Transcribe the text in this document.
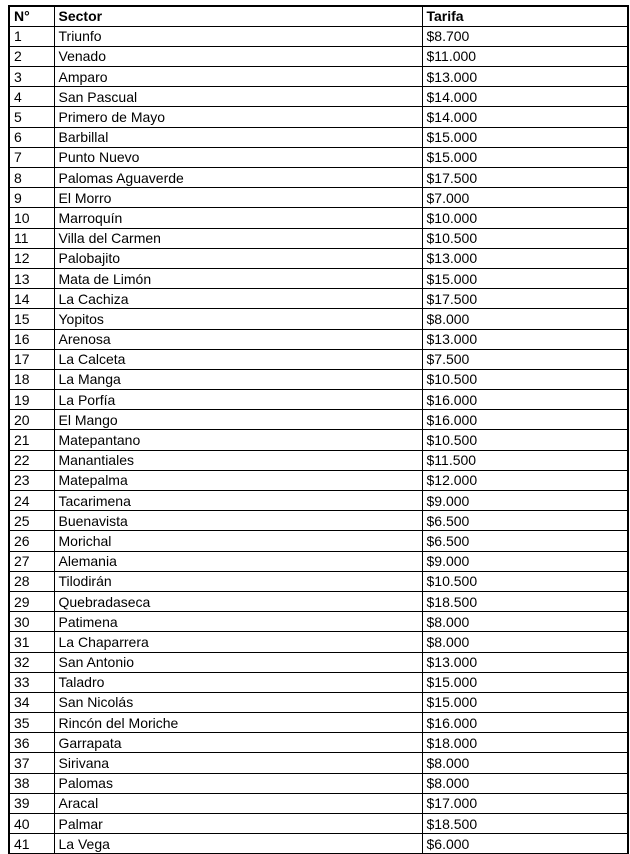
N°	Sector	Tarifa
1	Triunfo	$8.700
2	Venado	$11.000
3	Amparo	$13.000
4	San Pascual	$14.000
5	Primero de Mayo	$14.000
6	Barbillal	$15.000
7	Punto Nuevo	$15.000
8	Palomas Aguaverde	$17.500
9	El Morro	$7.000
10	Marroquín	$10.000
11	Villa del Carmen	$10.500
12	Palobajito	$13.000
13	Mata de Limón	$15.000
14	La Cachiza	$17.500
15	Yopitos	$8.000
16	Arenosa	$13.000
17	La Calceta	$7.500
18	La Manga	$10.500
19	La Porfía	$16.000
20	El Mango	$16.000
21	Matepantano	$10.500
22	Manantiales	$11.500
23	Matepalma	$12.000
24	Tacarimena	$9.000
25	Buenavista	$6.500
26	Morichal	$6.500
27	Alemania	$9.000
28	Tilodirán	$10.500
29	Quebradaseca	$18.500
30	Patimena	$8.000
31	La Chaparrera	$8.000
32	San Antonio	$13.000
33	Taladro	$15.000
34	San Nicolás	$15.000
35	Rincón del Moriche	$16.000
36	Garrapata	$18.000
37	Sirivana	$8.000
38	Palomas	$8.000
39	Aracal	$17.000
40	Palmar	$18.500
41	La Vega	$6.000
